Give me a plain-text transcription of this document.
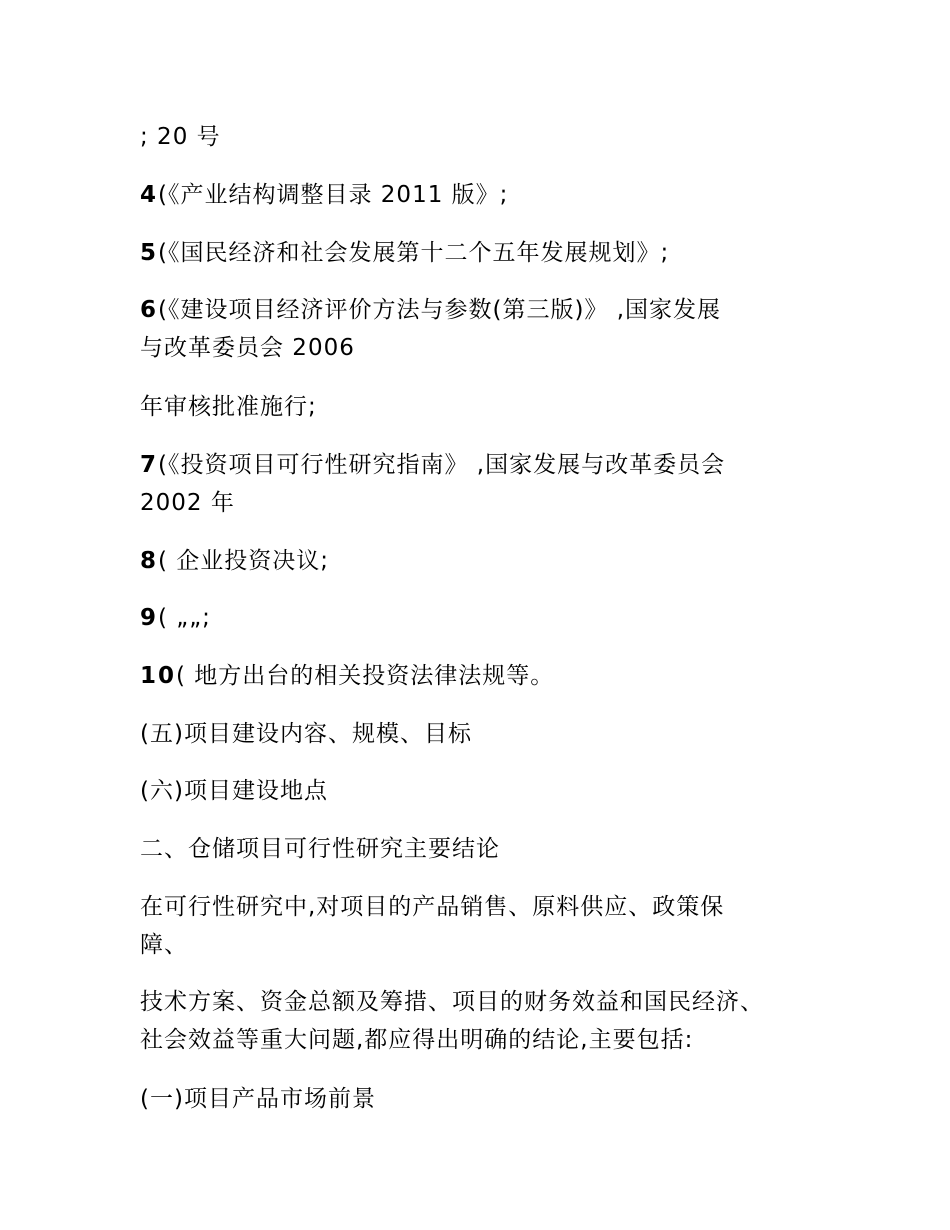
; 20 号
4(《产业结构调整目录 2011 版》;
5(《国民经济和社会发展第十二个五年发展规划》;
6(《建设项目经济评价方法与参数(第三版)》 ,国家发展
与改革委员会 2006
年审核批准施行;
7(《投资项目可行性研究指南》 ,国家发展与改革委员会
2002 年
8( 企业投资决议;
9( „„;
10( 地方出台的相关投资法律法规等。
(五)项目建设内容、规模、目标
(六)项目建设地点
二、仓储项目可行性研究主要结论
在可行性研究中,对项目的产品销售、原料供应、政策保
障、
技术方案、资金总额及筹措、项目的财务效益和国民经济、
社会效益等重大问题,都应得出明确的结论,主要包括:
(一)项目产品市场前景
